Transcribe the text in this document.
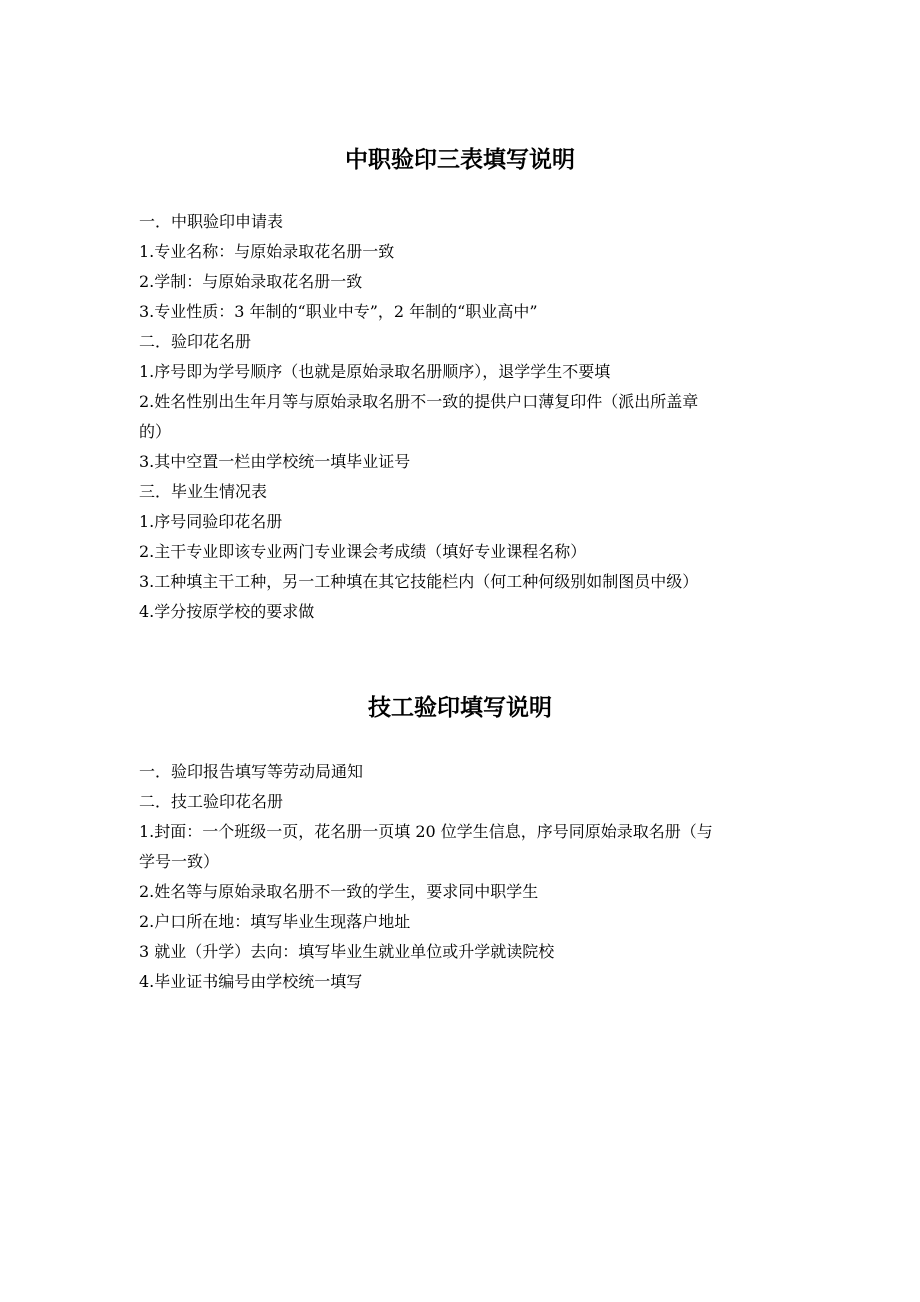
中职验印三表填写说明
一．中职验印申请表
1.专业名称：与原始录取花名册一致
2.学制：与原始录取花名册一致
3.专业性质：3 年制的“职业中专”，2 年制的“职业高中”
二．验印花名册
1.序号即为学号顺序（也就是原始录取名册顺序），退学学生不要填
2.姓名性别出生年月等与原始录取名册不一致的提供户口薄复印件（派出所盖章
的）
3.其中空置一栏由学校统一填毕业证号
三．毕业生情况表
1.序号同验印花名册
2.主干专业即该专业两门专业课会考成绩（填好专业课程名称）
3.工种填主干工种，另一工种填在其它技能栏内（何工种何级别如制图员中级）
4.学分按原学校的要求做
技工验印填写说明
一．验印报告填写等劳动局通知
二．技工验印花名册
1.封面：一个班级一页，花名册一页填 20 位学生信息，序号同原始录取名册（与
学号一致）
2.姓名等与原始录取名册不一致的学生，要求同中职学生
2.户口所在地：填写毕业生现落户地址
3 就业（升学）去向：填写毕业生就业单位或升学就读院校
4.毕业证书编号由学校统一填写
